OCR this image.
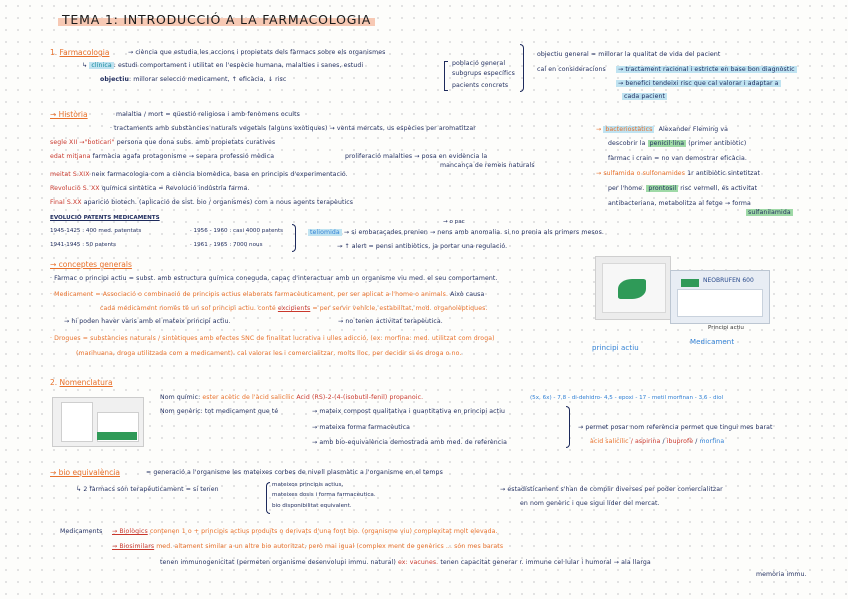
TEMA 1: INTRODUCCIÓ A LA FARMACOLOGIA
1. Farmacologia	→ ciència que estudia les accions i propietats dels fàrmacs sobre els organismes
↳ clínica : estudi comportament i utilitat en l'espècie humana, malalties i sanes, estudi	població general
subgrups específics
pacients concrets
objectiu: millorar selecció medicament, ↑ eficàcia, ↓ risc
objectiu general = millorar la qualitat de vida del pacient
cal en consideracions	→ tractament racional i estricte en base bon diagnòstic
→ benefici tendeixi risc que cal valorar i adaptar a
cada pacient
→ Història	malaltia / mort = qüestió religiosa i amb fenòmens ocults
· tractaments amb substàncies naturals vegetals (alguns exòtiques) → venta mercats, us espècies per aromatitzar
segle XII →"boticari" persona que dona subs. amb propietats curatives
edat mitjana farmàcia agafa protagonisme → separa professió mèdica	proliferació malalties → posa en evidència la
mancança de remeis naturals
meitat S.XIX neix farmacologia com a ciència biomèdica, basa en principis d'experimentació.
Revolució S. XX química sintètica = Revolució indústria farma.
Final S.XX aparició biotech. (aplicació de sist. bio / organismes) com a nous agents terapèutics
EVOLUCIÓ PATENTS MEDICAMENTS
1945-1425 : 400 med. patentats
1941-1945 : 50 patents
· 1956 - 1960 : casi 4000 patents
· 1961 - 1965 : 7000 nous
→ o pac
teliomida → si embaraçades prenien → nens amb anomalia. si no prenia als primers mesos.
→ ↑ alert = pensi antibiòtics, ja portar una regulació.
→ bacteriostàtics Alexander Fleming va
descobrir la penicil·lina (primer antibiòtic)
fàrmac i crain = no van demostrar eficàcia.
→ sulfamida o sulfonamides 1r antibiòtic sintetitzat
per l'home. prontosil risc vermell, és activitat
antibacteriana, metabolitza al fetge → forma
sulfanilamida
→ conceptes generals
· Fàrmac o principi actiu = subst. amb estructura química coneguda, capaç d'interactuar amb un organisme viu med. el seu comportament.
· Medicament = Associació o combinació de principis actius elaborats farmacèuticament, per ser aplicat a l'home o animals. Això causa
cada medicament només té un sol principi actiu. conté excipients = per servir vehicle, estabilitat, mod. organolèptiques.
→ hi poden haver varis amb el mateix principi actiu.	→ no tenen activitat terapèutica.
· Drogues = substàncies naturals / sintètiques amb efectes SNC de finalitat lucrativa i ulles adicció, (ex: morfina: med. utilitzat com droga)
(marihuana, droga utilitzada com a medicament). cal valorar les i comercialitzar, molts lloc, per decidir si és droga o no.
NEOBRUFEN 600
principi actiu
Medicament
Principi actiu
2. Nomenclatura
Nom químic: ester acètic de l'àcid salicílic Acid (RS)-2-(4-(isobutil-fenil) propanoic.	(5x, 6x) - 7,8 - di-dehidro- 4,5 - epoxi - 17 - metil morfinan - 3,6 - diol
Nom genèric: tot medicament que té	→ mateix compost qualitativa i quantitativa en principi actiu
→ mateixa forma farmacèutica
→ amb bio-equivalència demostrada amb med. de referència
→ permet posar nom referència permet que tingui mes barat
àcid salicílic / aspirina / ibuprofè / morfina
→ bio equivalència	= generació a l'organisme les mateixes corbes de nivell plasmàtic a l'organisme en el temps
↳ 2 fàrmacs són terapèuticament = si tenen
mateixos principis actius,
mateixes dosis i forma farmacèutica.
bio disponibilitat equivalent.
→ estadísticament s'han de complir diverses per poder comercialitzar
en nom genèric i que sigui líder del mercat.
Medicaments → Biològics contenen 1 o + principis actius produïts o derivats d'una font bio. (organisme viu) complexitat molt elevada.
→ Biosimilars med. altament similar a un altre bio autoritzat, però mai igual (complex ment de genèrics ... són mes barats
tenen immunogenicitat (permeten organisme desenvolupi immu. natural) ex: vacunes. tenen capacitat generar r. immune cel·lular i humoral → ala llarga
memòria immu.
